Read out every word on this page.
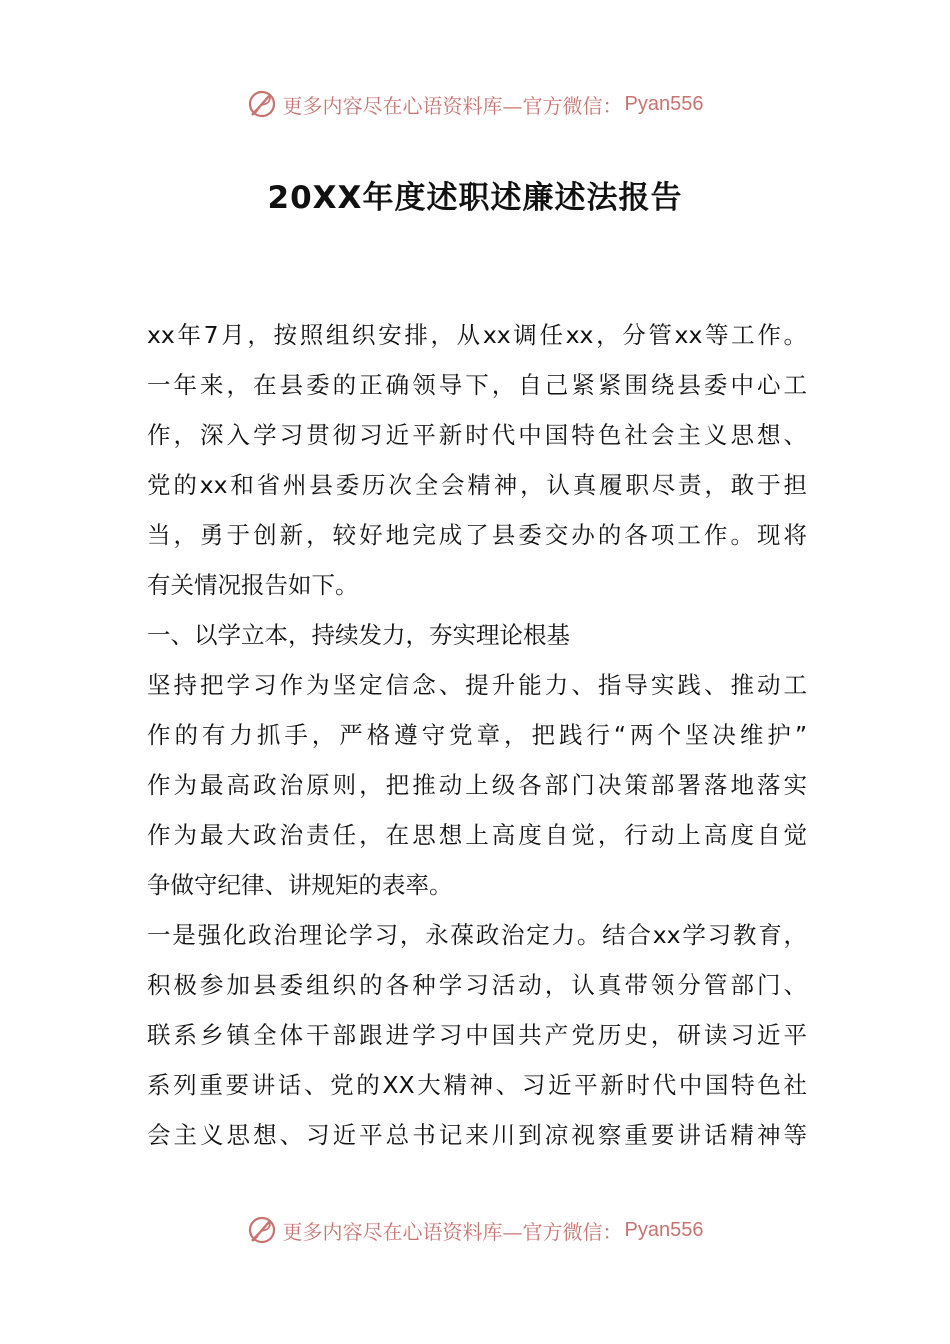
更多内容尽在心语资料库—官方微信： Pyan556
20XX年度述职述廉述法报告
xx年7月，按照组织安排，从xx调任xx，分管xx等工作。
一年来，在县委的正确领导下，自己紧紧围绕县委中心工
作，深入学习贯彻习近平新时代中国特色社会主义思想、
党的xx和省州县委历次全会精神，认真履职尽责，敢于担
当，勇于创新，较好地完成了县委交办的各项工作。现将
有关情况报告如下。
一、以学立本，持续发力，夯实理论根基
坚持把学习作为坚定信念、提升能力、指导实践、推动工
作的有力抓手，严格遵守党章，把践行“两个坚决维护”
作为最高政治原则，把推动上级各部门决策部署落地落实
作为最大政治责任，在思想上高度自觉，行动上高度自觉
争做守纪律、讲规矩的表率。
一是强化政治理论学习，永葆政治定力。结合xx学习教育，
积极参加县委组织的各种学习活动，认真带领分管部门、
联系乡镇全体干部跟进学习中国共产党历史，研读习近平
系列重要讲话、党的XX大精神、习近平新时代中国特色社
会主义思想、习近平总书记来川到凉视察重要讲话精神等
更多内容尽在心语资料库—官方微信： Pyan556
